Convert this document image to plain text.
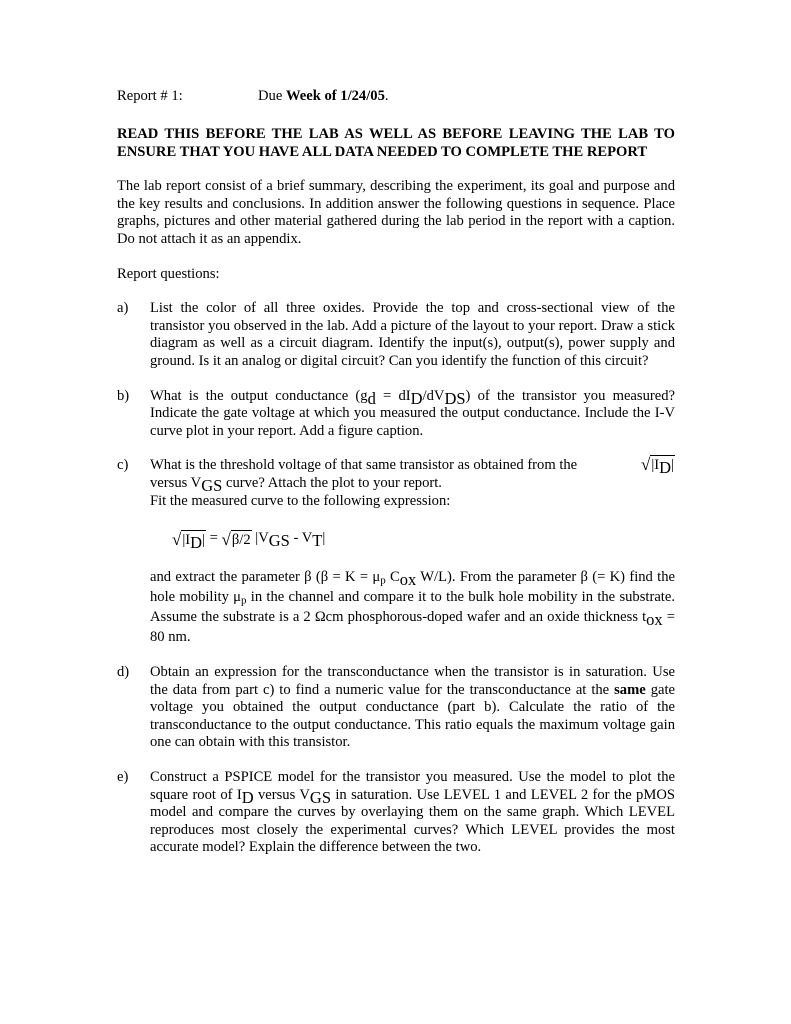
Report # 1:	Due Week of 1/24/05.
READ THIS BEFORE THE LAB AS WELL AS BEFORE LEAVING THE LAB TO ENSURE THAT YOU HAVE ALL DATA NEEDED TO COMPLETE THE REPORT
The lab report consist of a brief summary, describing the experiment, its goal and purpose and the key results and conclusions. In addition answer the following questions in sequence. Place graphs, pictures and other material gathered during the lab period in the report with a caption. Do not attach it as an appendix.
Report questions:
a) List the color of all three oxides. Provide the top and cross-sectional view of the transistor you observed in the lab. Add a picture of the layout to your report. Draw a stick diagram as well as a circuit diagram. Identify the input(s), output(s), power supply and ground. Is it an analog or digital circuit? Can you identify the function of this circuit?

b) What is the output conductance $(g_d = dI_D/dV_{DS})$ of the transistor you measured? Indicate the gate voltage at which you measured the output conductance. Include the I-V curve plot in your report. Add a figure caption.

c) What is the threshold voltage of that same transistor as obtained from the	√ $|I_D|$

versus $V_{GS}$ curve? Attach the plot to your report.

Fit the measured curve to the following expression:

√ $|I_D|$ = √ β/2 $|V_{GS} - V_T|$

and extract the parameter β ($\beta = K = \mu_p$ $C_{ox}$ W/L). From the parameter β (= K) find the hole mobility $\mu_p$ in the channel and compare it to the bulk hole mobility in the substrate. Assume the substrate is a 2 Ωcm phosphorous-doped wafer and an oxide thickness $t_{ox} = 80$ nm.

d) Obtain an expression for the transconductance when the transistor is in saturation. Use the data from part c) to find a numeric value for the transconductance at the same gate voltage you obtained the output conductance (part b). Calculate the ratio of the transconductance to the output conductance. This ratio equals the maximum voltage gain one can obtain with this transistor.

e) Construct a PSPICE model for the transistor you measured. Use the model to plot the square root of $I_D$ versus $V_{GS}$ in saturation. Use LEVEL 1 and LEVEL 2 for the pMOS model and compare the curves by overlaying them on the same graph. Which LEVEL reproduces most closely the experimental curves? Which LEVEL provides the most accurate model? Explain the difference between the two.
